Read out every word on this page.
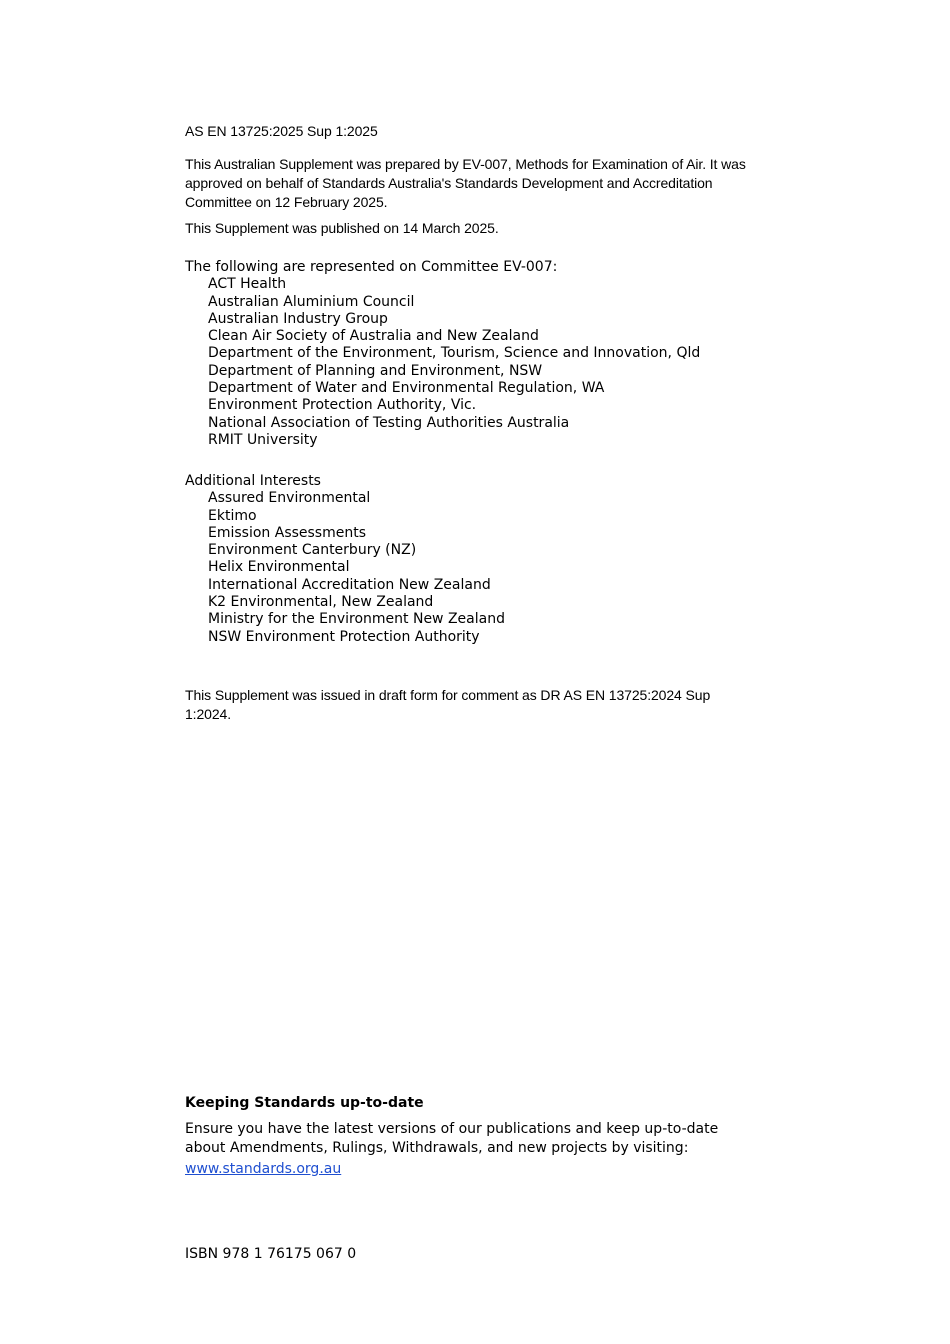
AS EN 13725:2025 Sup 1:2025

This Australian Supplement was prepared by EV-007, Methods for Examination of Air. It was approved on behalf of Standards Australia's Standards Development and Accreditation Committee on 12 February 2025.

This Supplement was published on 14 March 2025.

The following are represented on Committee EV-007:
ACT Health
Australian Aluminium Council
Australian Industry Group
Clean Air Society of Australia and New Zealand
Department of the Environment, Tourism, Science and Innovation, Qld
Department of Planning and Environment, NSW
Department of Water and Environmental Regulation, WA
Environment Protection Authority, Vic.
National Association of Testing Authorities Australia
RMIT University
Additional Interests
Assured Environmental
Ektimo
Emission Assessments
Environment Canterbury (NZ)
Helix Environmental
International Accreditation New Zealand
K2 Environmental, New Zealand
Ministry for the Environment New Zealand
NSW Environment Protection Authority

This Supplement was issued in draft form for comment as DR AS EN 13725:2024 Sup 1:2024.

Keeping Standards up-to-date
Ensure you have the latest versions of our publications and keep up-to-date about Amendments, Rulings, Withdrawals, and new projects by visiting:
www.standards.org.au
ISBN 978 1 76175 067 0
